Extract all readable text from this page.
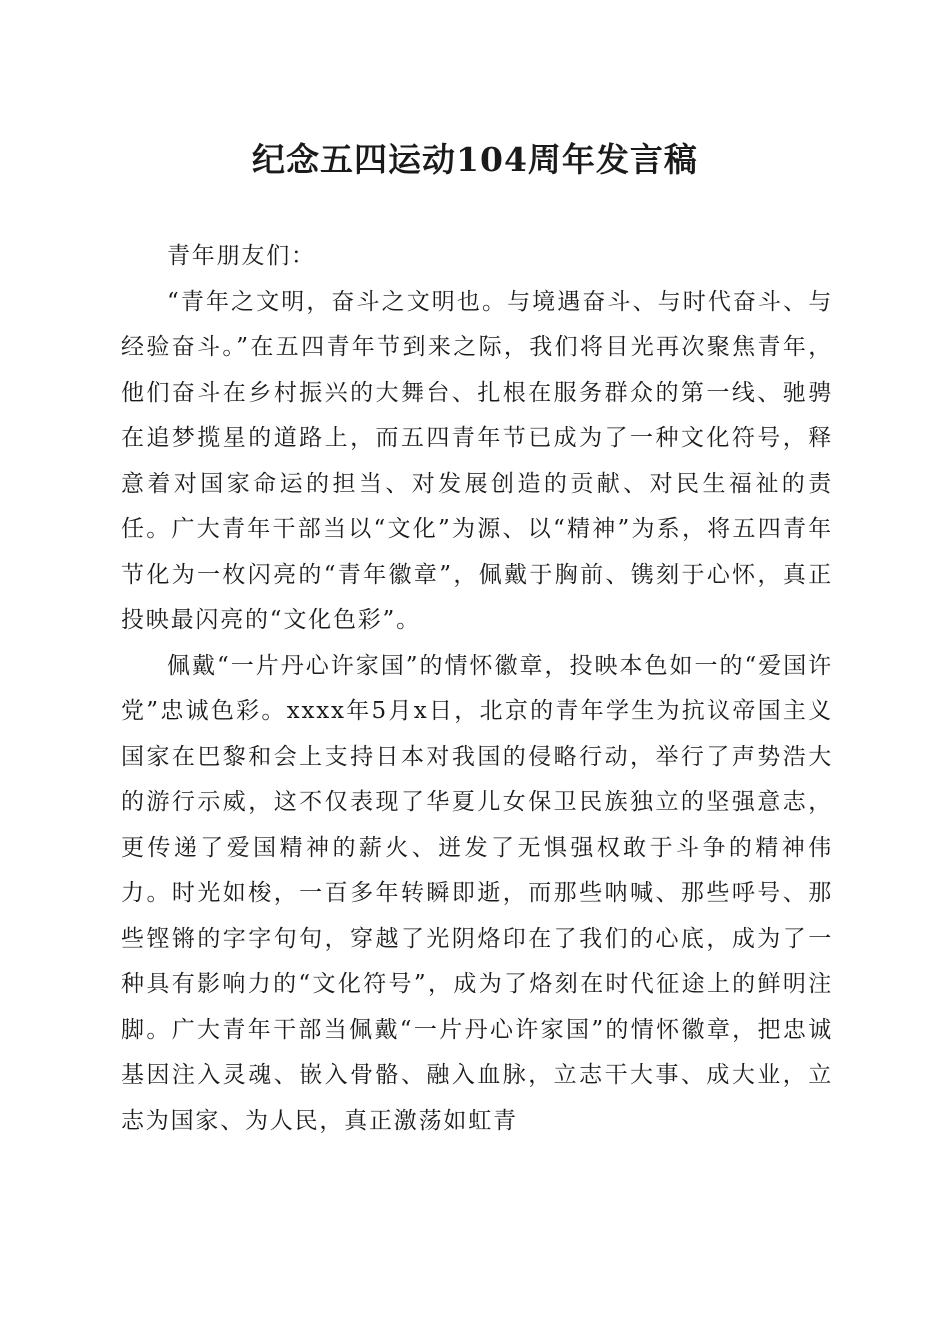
纪念五四运动104周年发言稿

青年朋友们：

“青年之文明，奋斗之文明也。与境遇奋斗、与时代奋斗、与经验奋斗。”在五四青年节到来之际，我们将目光再次聚焦青年，他们奋斗在乡村振兴的大舞台、扎根在服务群众的第一线、驰骋在追梦揽星的道路上，而五四青年节已成为了一种文化符号，释意着对国家命运的担当、对发展创造的贡献、对民生福祉的责任。广大青年干部当以“文化”为源、以“精神”为系，将五四青年节化为一枚闪亮的“青年徽章”，佩戴于胸前、镌刻于心怀，真正投映最闪亮的“文化色彩”。

佩戴“一片丹心许家国”的情怀徽章，投映本色如一的“爱国许党”忠诚色彩。xxxx年5月x日，北京的青年学生为抗议帝国主义国家在巴黎和会上支持日本对我国的侵略行动，举行了声势浩大的游行示威，这不仅表现了华夏儿女保卫民族独立的坚强意志，更传递了爱国精神的薪火、迸发了无惧强权敢于斗争的精神伟力。时光如梭，一百多年转瞬即逝，而那些呐喊、那些呼号、那些铿锵的字字句句，穿越了光阴烙印在了我们的心底，成为了一种具有影响力的“文化符号”，成为了烙刻在时代征途上的鲜明注脚。广大青年干部当佩戴“一片丹心许家国”的情怀徽章，把忠诚基因注入灵魂、嵌入骨骼、融入血脉，立志干大事、成大业，立志为国家、为人民，真正激荡如虹青
